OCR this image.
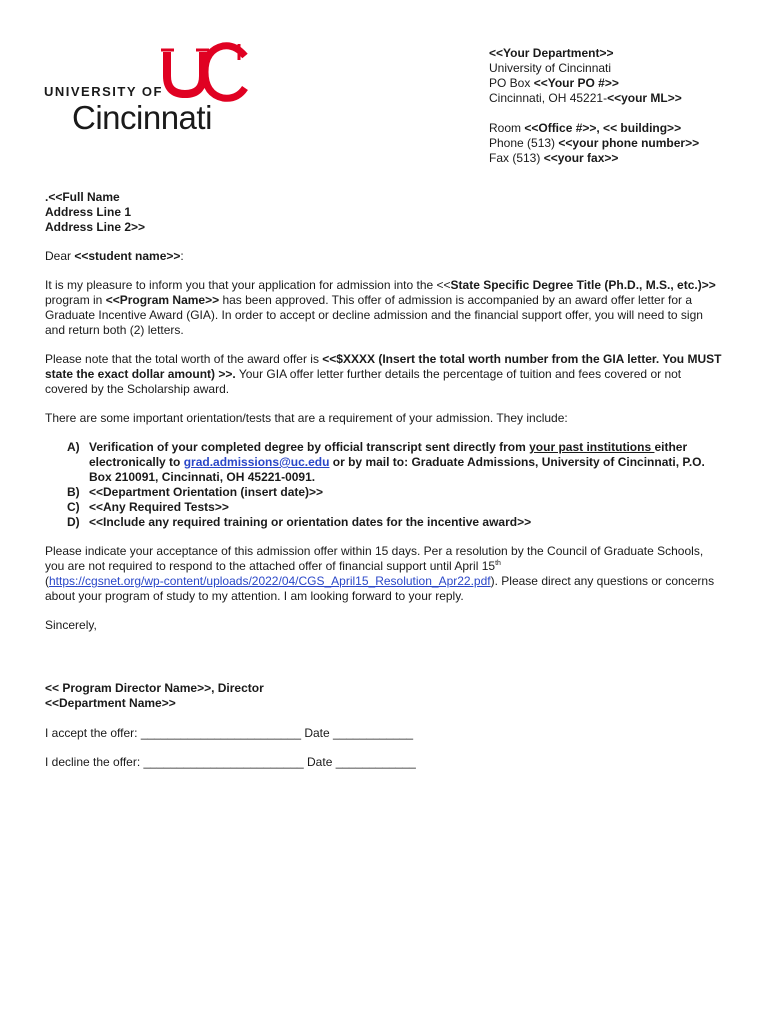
UNIVERSITY OF
Cincinnati
<<Your Department>>
University of Cincinnati
PO Box <<Your PO #>>
Cincinnati, OH 45221-<<your ML>>
Room <<Office #>>, << building>>
Phone (513) <<your phone number>>
Fax (513) <<your fax>>
.<<Full Name
Address Line 1
Address Line 2>>

Dear <<student name>>:

It is my pleasure to inform you that your application for admission into the <<State Specific Degree Title (Ph.D., M.S., etc.)>> program in <<Program Name>> has been approved. This offer of admission is accompanied by an award offer letter for a Graduate Incentive Award (GIA). In order to accept or decline admission and the financial support offer, you will need to sign and return both (2) letters.

Please note that the total worth of the award offer is <<$XXXX (Insert the total worth number from the GIA letter. You MUST state the exact dollar amount) >>. Your GIA offer letter further details the percentage of tuition and fees covered or not covered by the Scholarship award.

There are some important orientation/tests that are a requirement of your admission. They include:

A) Verification of your completed degree by official transcript sent directly from your past institutions either electronically to grad.admissions@uc.edu or by mail to: Graduate Admissions, University of Cincinnati, P.O. Box 210091, Cincinnati, OH 45221-0091.
B) <<Department Orientation (insert date)>>
C) <<Any Required Tests>>
D) <<Include any required training or orientation dates for the incentive award>>

Please indicate your acceptance of this admission offer within 15 days. Per a resolution by the Council of Graduate Schools, you are not required to respond to the attached offer of financial support until April 15th
(https://cgsnet.org/wp-content/uploads/2022/04/CGS_April15_Resolution_Apr22.pdf). Please direct any questions or concerns about your program of study to my attention. I am looking forward to your reply.

Sincerely,

<< Program Director Name>>, Director
<<Department Name>>
I accept the offer: ________________________ Date ____________
I decline the offer: ________________________ Date ____________
